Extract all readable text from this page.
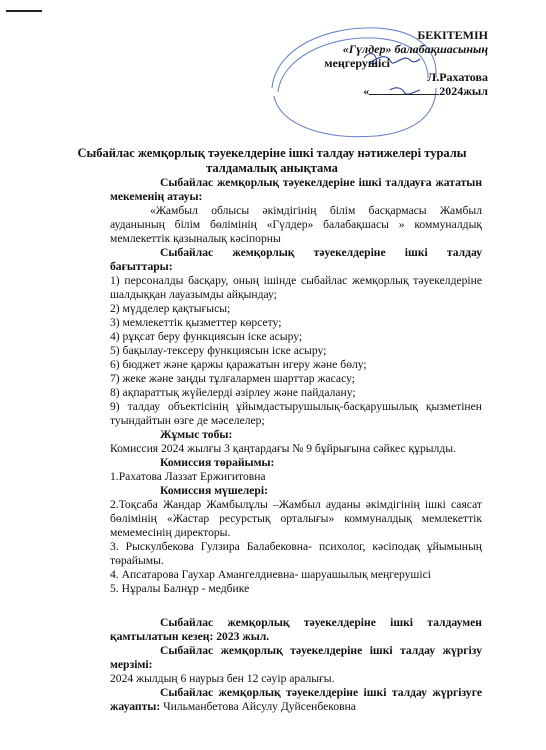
БЕКІТЕМІН
«Гүлдер» балабақшасының
меңгерушісі
Л.Рахатова
«	2024жыл
Сыбайлас жемқорлық тәуекелдеріне ішкі талдау нәтижелері туралы
талдамалық анықтама

Сыбайлас жемқорлық тәуекелдеріне ішкі талдауға жататын мекеменің атауы:

«Жамбыл облысы әкімдігінің білім басқармасы Жамбыл ауданының білім бөлімінің «Гүлдер» балабақшасы » коммуналдық мемлекеттік қазыналық кәсіпорны

Сыбайлас жемқорлық тәуекелдеріне ішкі талдау бағыттары:

1) персоналды басқару, оның ішінде сыбайлас жемқорлық тәуекелдеріне шалдыққан лауазымды айқындау;

2) мүдделер қақтығысы;

3) мемлекеттік қызметтер көрсету;

4) рұқсат беру функциясын іске асыру;

5) бақылау-тексеру функциясын іске асыру;

6) бюджет және қаржы қаражатын игеру және бөлу;

7) жеке және заңды тұлғалармен шарттар жасасу;

8) ақпараттық жүйелерді әзірлеу және пайдалану;

9) талдау объектісінің ұйымдастырушылық-басқарушылық қызметінен туындайтын өзге де мәселелер;

Жұмыс тобы:

Комиссия 2024 жылғы 3 қаңтардағы № 9 бұйрығына сәйкес құрылды.

Комиссия төрайымы:

1.Рахатова Лаззат Ержигитовна

Комиссия мүшелері:

2.Тоқсаба Жандар Жамбылұлы –Жамбыл ауданы әкімдігінің ішкі саясат бөлімінің «Жастар ресурстық орталығы» коммуналдық мемлекеттік мемемесінің директоры.

3. Рыскулбекова Гулзира Балабековна- психолог, кәсіподақ ұйымының төрайымы.

4. Апсатарова Гаухар Амангелдиевна- шаруашылық меңгерушісі

5. Нұралы Балнұр - медбике

Сыбайлас жемқорлық тәуекелдеріне ішкі талдаумен қамтылатын кезең: 2023 жыл.

Сыбайлас жемқорлық тәуекелдеріне ішкі талдау жүргізу мерзімі:

2024 жылдың 6 наурыз бен 12 сәуір аралығы.

Сыбайлас жемқорлық тәуекелдеріне ішкі талдау жүргізуге жауапты: Чильманбетова Айсулу Дуйсенбековна
